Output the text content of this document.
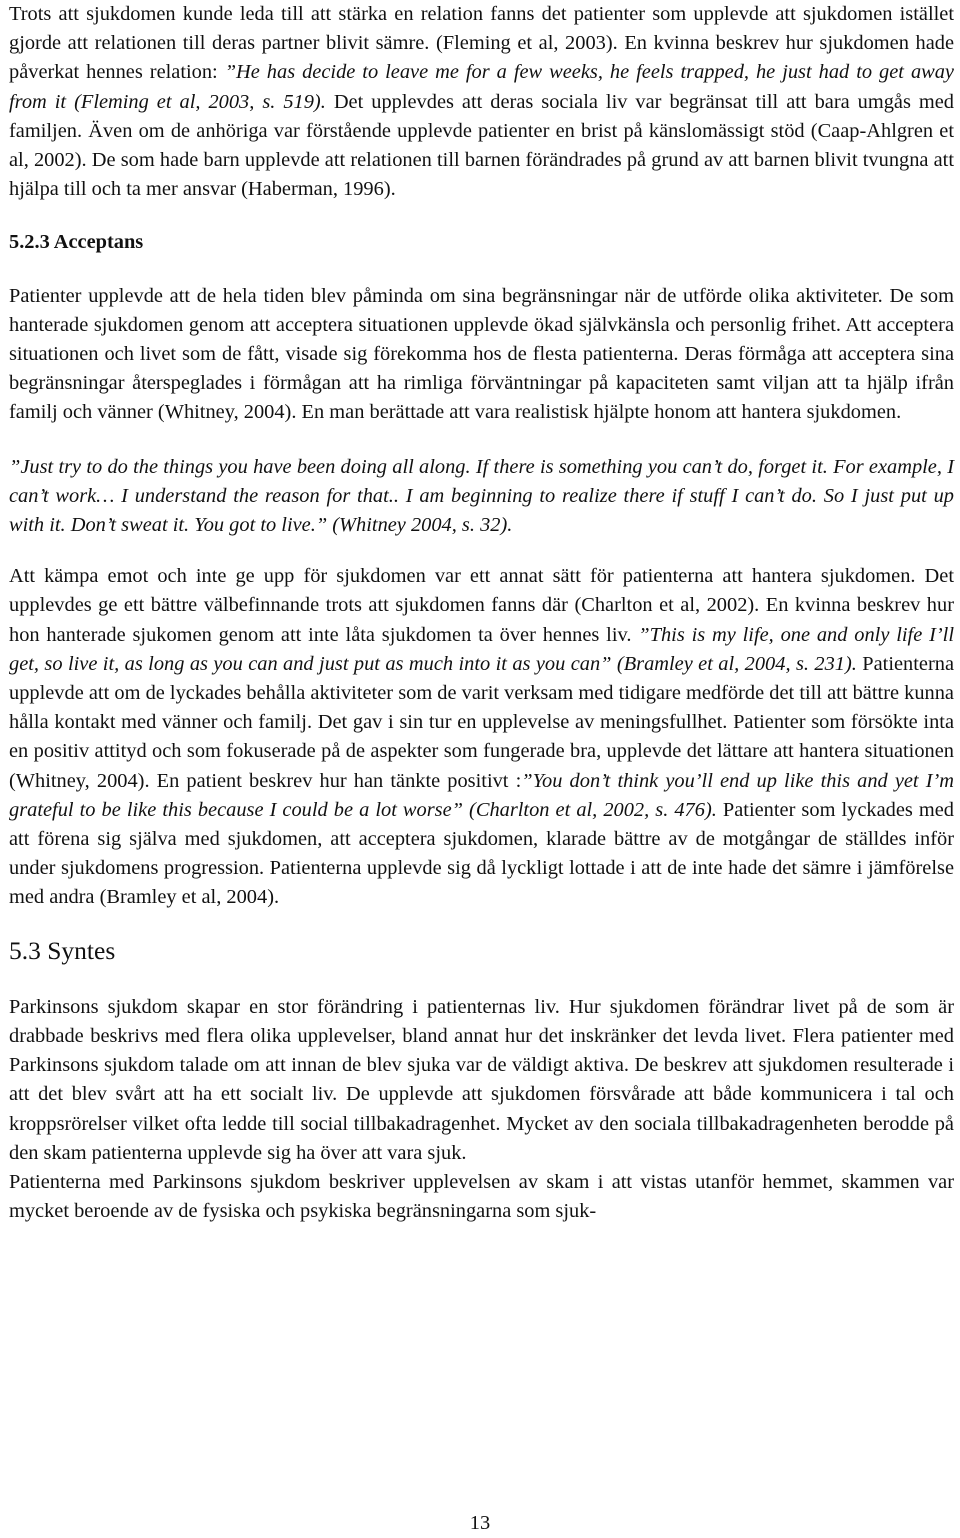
Trots att sjukdomen kunde leda till att stärka en relation fanns det patienter som upplevde att sjukdomen istället gjorde att relationen till deras partner blivit sämre. (Fleming et al, 2003). En kvinna beskrev hur sjukdomen hade påverkat hennes relation: ”He has decide to leave me for a few weeks, he feels trapped, he just had to get away from it (Fleming et al, 2003, s. 519). Det upplevdes att deras sociala liv var begränsat till att bara umgås med familjen. Även om de anhöriga var förstående upplevde patienter en brist på känslomässigt stöd (Caap-Ahlgren et al, 2002). De som hade barn upplevde att relationen till barnen förändrades på grund av att barnen blivit tvungna att hjälpa till och ta mer ansvar (Haberman, 1996).

5.2.3 Acceptans

Patienter upplevde att de hela tiden blev påminda om sina begränsningar när de utförde olika aktiviteter. De som hanterade sjukdomen genom att acceptera situationen upplevde ökad självkänsla och personlig frihet. Att acceptera situationen och livet som de fått, visade sig förekomma hos de flesta patienterna. Deras förmåga att acceptera sina begränsningar återspeglades i förmågan att ha rimliga förväntningar på kapaciteten samt viljan att ta hjälp ifrån familj och vänner (Whitney, 2004). En man berättade att vara realistisk hjälpte honom att hantera sjukdomen.

”Just try to do the things you have been doing all along. If there is something you can’t do, forget it. For example, I can’t work… I understand the reason for that.. I am beginning to realize there if stuff I can’t do. So I just put up with it. Don’t sweat it. You got to live.” (Whitney 2004, s. 32).

Att kämpa emot och inte ge upp för sjukdomen var ett annat sätt för patienterna att hantera sjukdomen. Det upplevdes ge ett bättre välbefinnande trots att sjukdomen fanns där (Charlton et al, 2002). En kvinna beskrev hur hon hanterade sjukomen genom att inte låta sjukdomen ta över hennes liv. ”This is my life, one and only life I’ll get, so live it, as long as you can and just put as much into it as you can” (Bramley et al, 2004, s. 231). Patienterna upplevde att om de lyckades behålla aktiviteter som de varit verksam med tidigare medförde det till att bättre kunna hålla kontakt med vänner och familj. Det gav i sin tur en upplevelse av meningsfullhet. Patienter som försökte inta en positiv attityd och som fokuserade på de aspekter som fungerade bra, upplevde det lättare att hantera situationen (Whitney, 2004). En patient beskrev hur han tänkte positivt :”You don’t think you’ll end up like this and yet I’m grateful to be like this because I could be a lot worse” (Charlton et al, 2002, s. 476). Patienter som lyckades med att förena sig själva med sjukdomen, att acceptera sjukdomen, klarade bättre av de motgångar de ställdes inför under sjukdomens progression. Patienterna upplevde sig då lyckligt lottade i att de inte hade det sämre i jämförelse med andra (Bramley et al, 2004).

5.3 Syntes

Parkinsons sjukdom skapar en stor förändring i patienternas liv. Hur sjukdomen förändrar livet på de som är drabbade beskrivs med flera olika upplevelser, bland annat hur det inskränker det levda livet. Flera patienter med Parkinsons sjukdom talade om att innan de blev sjuka var de väldigt aktiva. De beskrev att sjukdomen resulterade i att det blev svårt att ha ett socialt liv. De upplevde att sjukdomen försvårade att både kommunicera i tal och kroppsrörelser vilket ofta ledde till social tillbakadragenhet. Mycket av den sociala tillbakadragenheten berodde på den skam patienterna upplevde sig ha över att vara sjuk.

Patienterna med Parkinsons sjukdom beskriver upplevelsen av skam i att vistas utanför hemmet, skammen var mycket beroende av de fysiska och psykiska begränsningarna som sjuk-

13
